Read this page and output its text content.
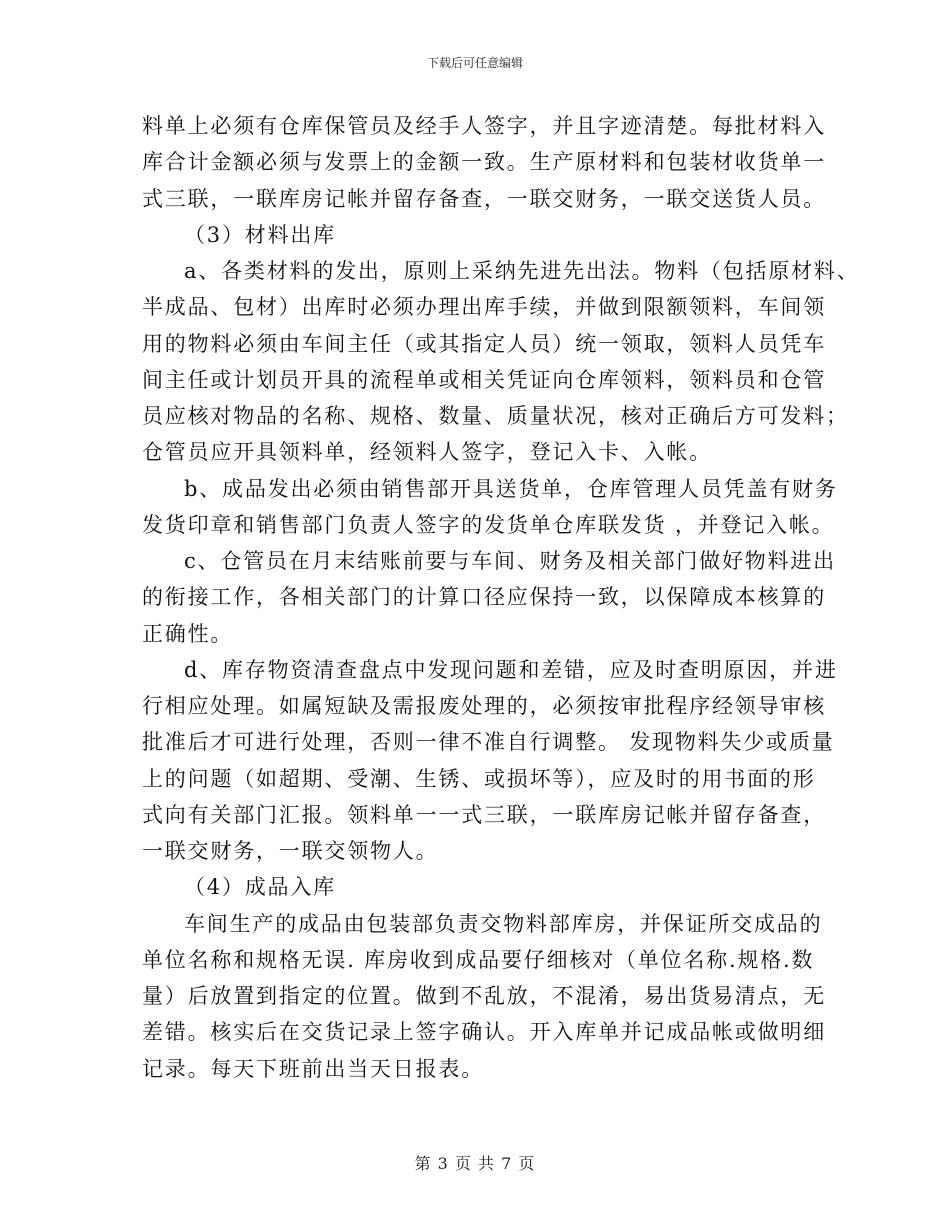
下载后可任意编辑
料单上必须有仓库保管员及经手人签字，并且字迹清楚。每批材料入
库合计金额必须与发票上的金额一致。生产原材料和包装材收货单一
式三联，一联库房记帐并留存备查，一联交财务，一联交送货人员。
（3）材料出库
a、各类材料的发出，原则上采纳先进先出法。物料（包括原材料、
半成品、包材）出库时必须办理出库手续，并做到限额领料，车间领
用的物料必须由车间主任（或其指定人员）统一领取，领料人员凭车
间主任或计划员开具的流程单或相关凭证向仓库领料，领料员和仓管
员应核对物品的名称、规格、数量、质量状况，核对正确后方可发料；
仓管员应开具领料单，经领料人签字，登记入卡、入帐。
b、成品发出必须由销售部开具送货单，仓库管理人员凭盖有财务
发货印章和销售部门负责人签字的发货单仓库联发货 ，并登记入帐。
c、仓管员在月末结账前要与车间、财务及相关部门做好物料进出
的衔接工作，各相关部门的计算口径应保持一致，以保障成本核算的
正确性。
d、库存物资清查盘点中发现问题和差错，应及时查明原因，并进
行相应处理。如属短缺及需报废处理的，必须按审批程序经领导审核
批准后才可进行处理，否则一律不准自行调整。 发现物料失少或质量
上的问题（如超期、受潮、生锈、或损坏等），应及时的用书面的形
式向有关部门汇报。领料单一一式三联，一联库房记帐并留存备查，
一联交财务，一联交领物人。
（4）成品入库
车间生产的成品由包装部负责交物料部库房，并保证所交成品的
单位名称和规格无误. 库房收到成品要仔细核对（单位名称.规格.数
量）后放置到指定的位置。做到不乱放，不混淆，易出货易清点，无
差错。核实后在交货记录上签字确认。开入库单并记成品帐或做明细
记录。每天下班前出当天日报表。
第 3 页 共 7 页
